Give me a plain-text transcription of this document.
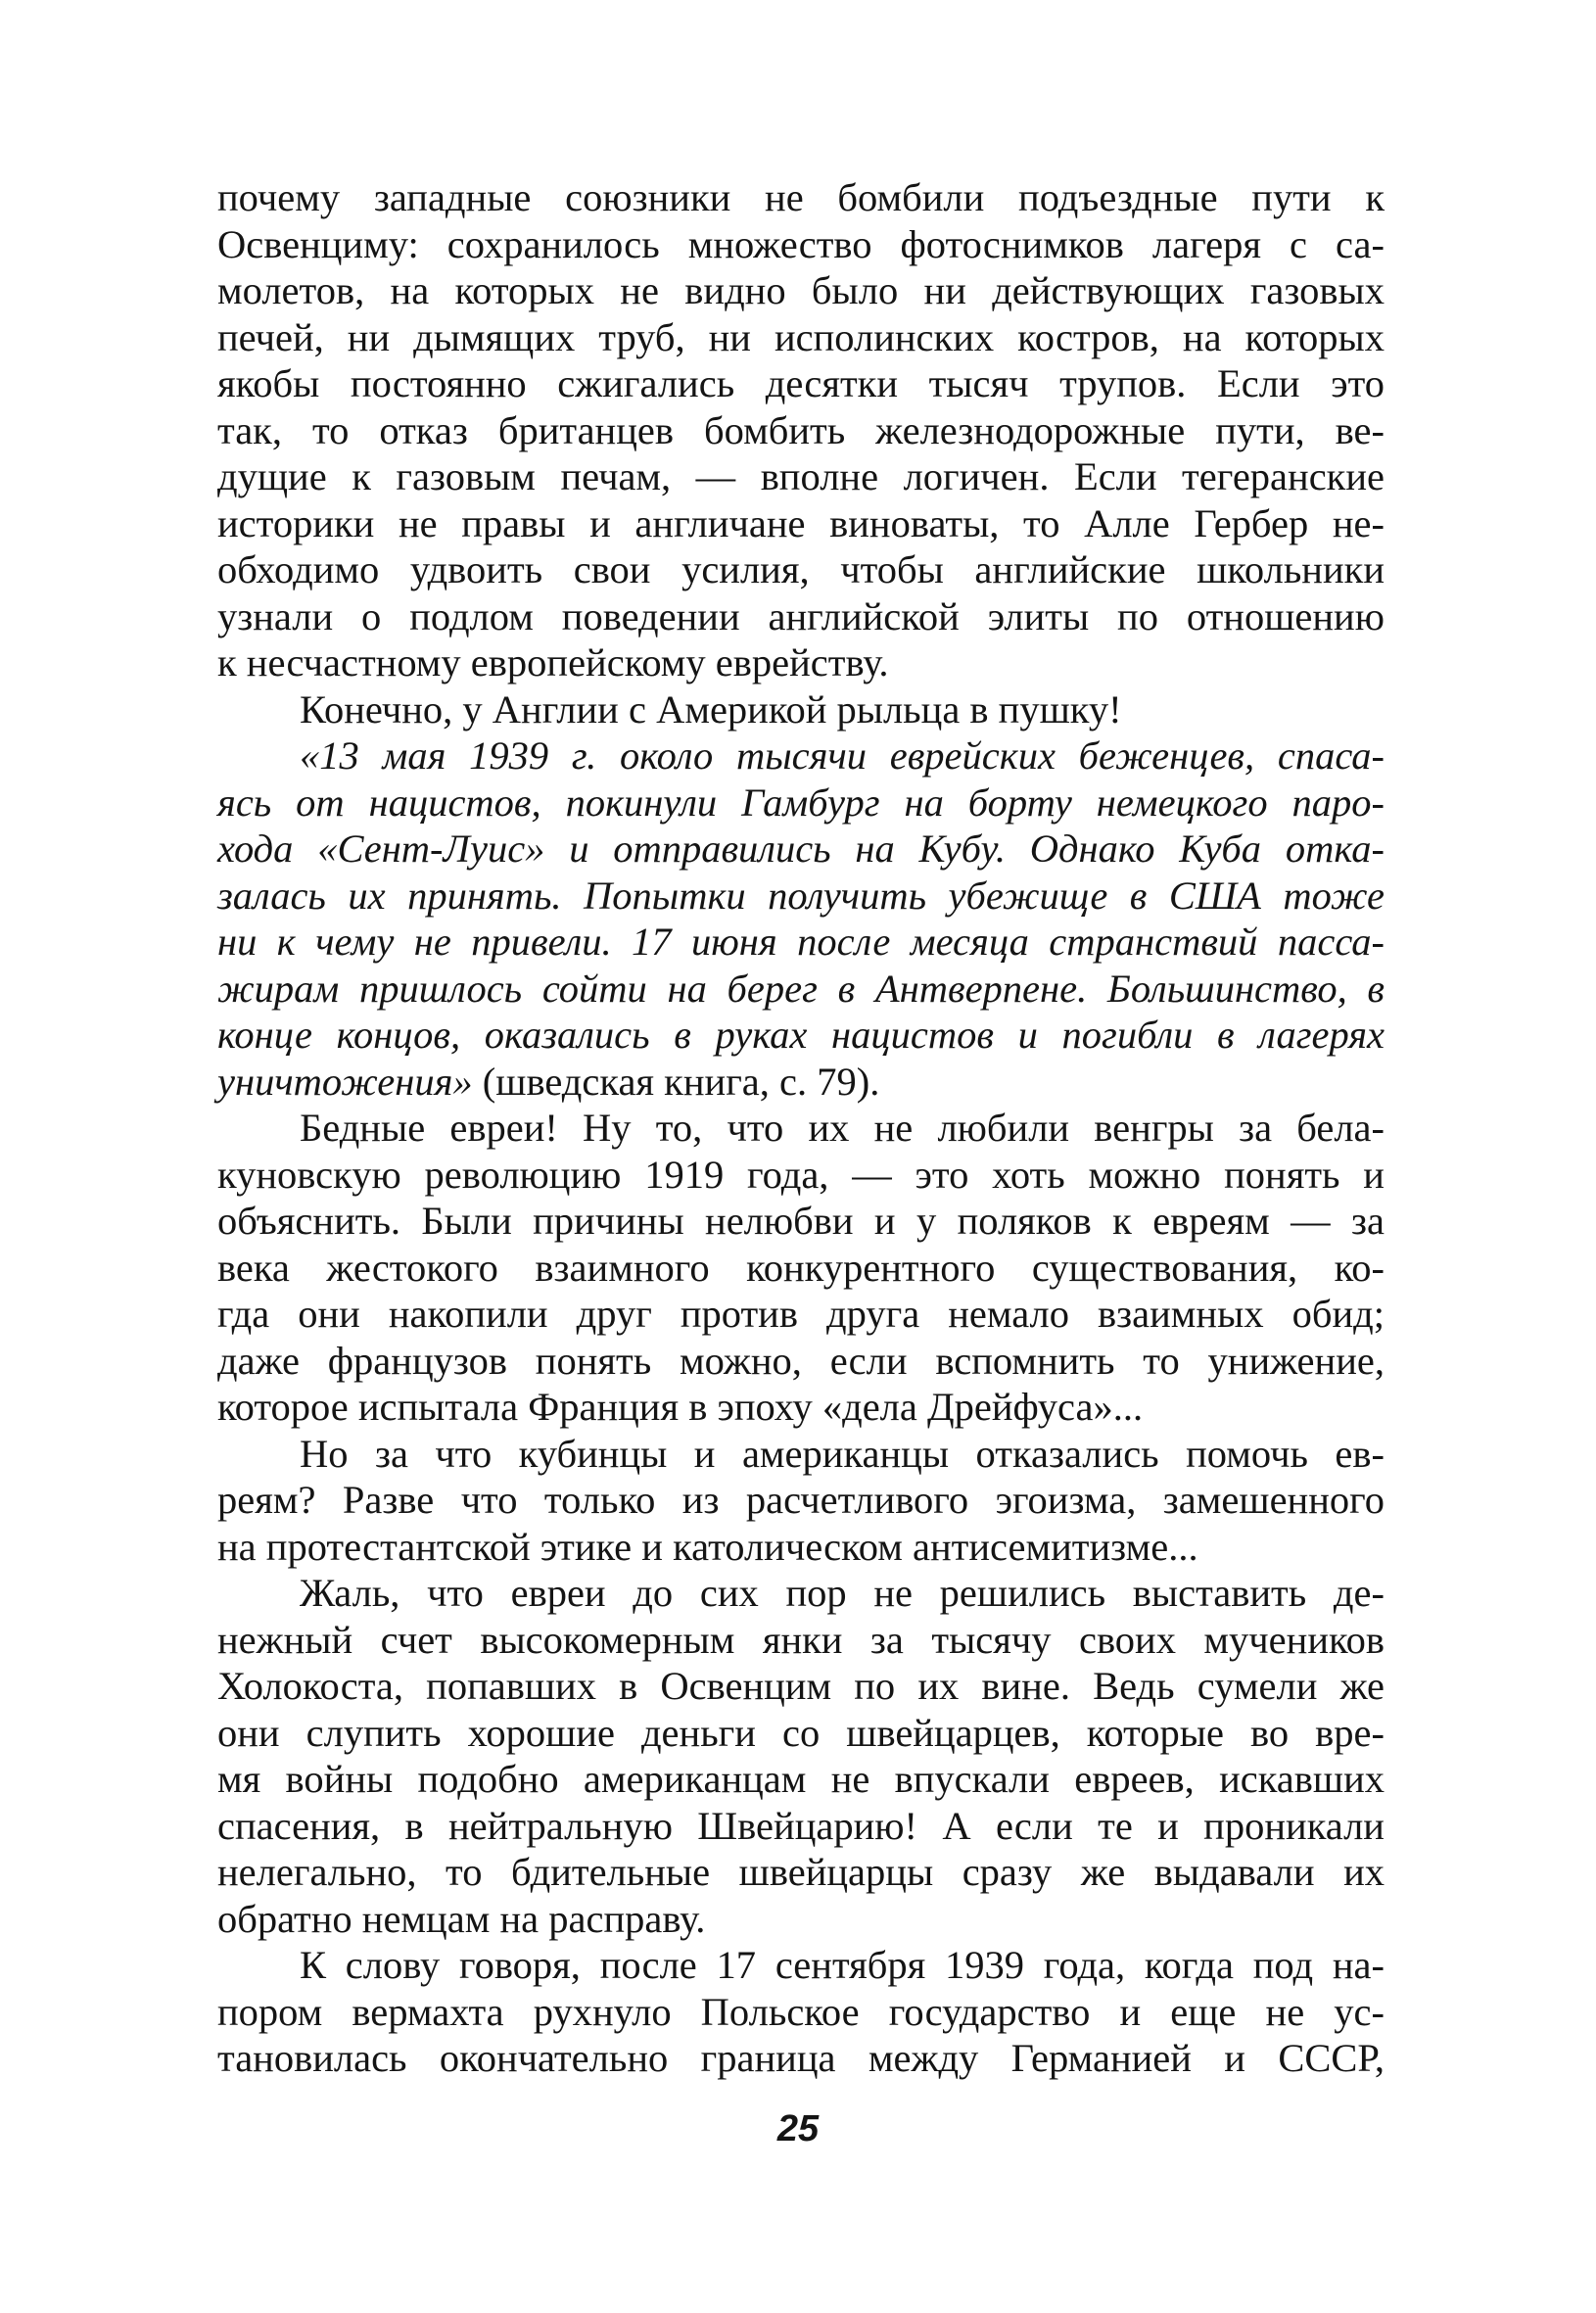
почему западные союзники не бомбили подъездные пути к
Освенциму: сохранилось множество фотоснимков лагеря с са-
молетов, на которых не видно было ни действующих газовых
печей, ни дымящих труб, ни исполинских костров, на которых
якобы постоянно сжигались десятки тысяч трупов. Если это
так, то отказ британцев бомбить железнодорожные пути, ве-
дущие к газовым печам, — вполне логичен. Если тегеранские
историки не правы и англичане виноваты, то Алле Гербер не-
обходимо удвоить свои усилия, чтобы английские школьники
узнали о подлом поведении английской элиты по отношению
к несчастному европейскому еврейству.
Конечно, у Англии с Америкой рыльца в пушку!
«13 мая 1939 г. около тысячи еврейских беженцев, спаса-
ясь от нацистов, покинули Гамбург на борту немецкого паро-
хода «Сент-Луис» и отправились на Кубу. Однако Куба отка-
залась их принять. Попытки получить убежище в США тоже
ни к чему не привели. 17 июня после месяца странствий пасса-
жирам пришлось сойти на берег в Антверпене. Большинство, в
конце концов, оказались в руках нацистов и погибли в лагерях
уничтожения» (шведская книга, с. 79).
Бедные евреи! Ну то, что их не любили венгры за бела-
куновскую революцию 1919 года, — это хоть можно понять и
объяснить. Были причины нелюбви и у поляков к евреям — за
века жестокого взаимного конкурентного существования, ко-
гда они накопили друг против друга немало взаимных обид;
даже французов понять можно, если вспомнить то унижение,
которое испытала Франция в эпоху «дела Дрейфуса»...
Но за что кубинцы и американцы отказались помочь ев-
реям? Разве что только из расчетливого эгоизма, замешенного
на протестантской этике и католическом антисемитизме...
Жаль, что евреи до сих пор не решились выставить де-
нежный счет высокомерным янки за тысячу своих мучеников
Холокоста, попавших в Освенцим по их вине. Ведь сумели же
они слупить хорошие деньги со швейцарцев, которые во вре-
мя войны подобно американцам не впускали евреев, искавших
спасения, в нейтральную Швейцарию! А если те и проникали
нелегально, то бдительные швейцарцы сразу же выдавали их
обратно немцам на расправу.
К слову говоря, после 17 сентября 1939 года, когда под на-
пором вермахта рухнуло Польское государство и еще не ус-
тановилась окончательно граница между Германией и СССР,
25
